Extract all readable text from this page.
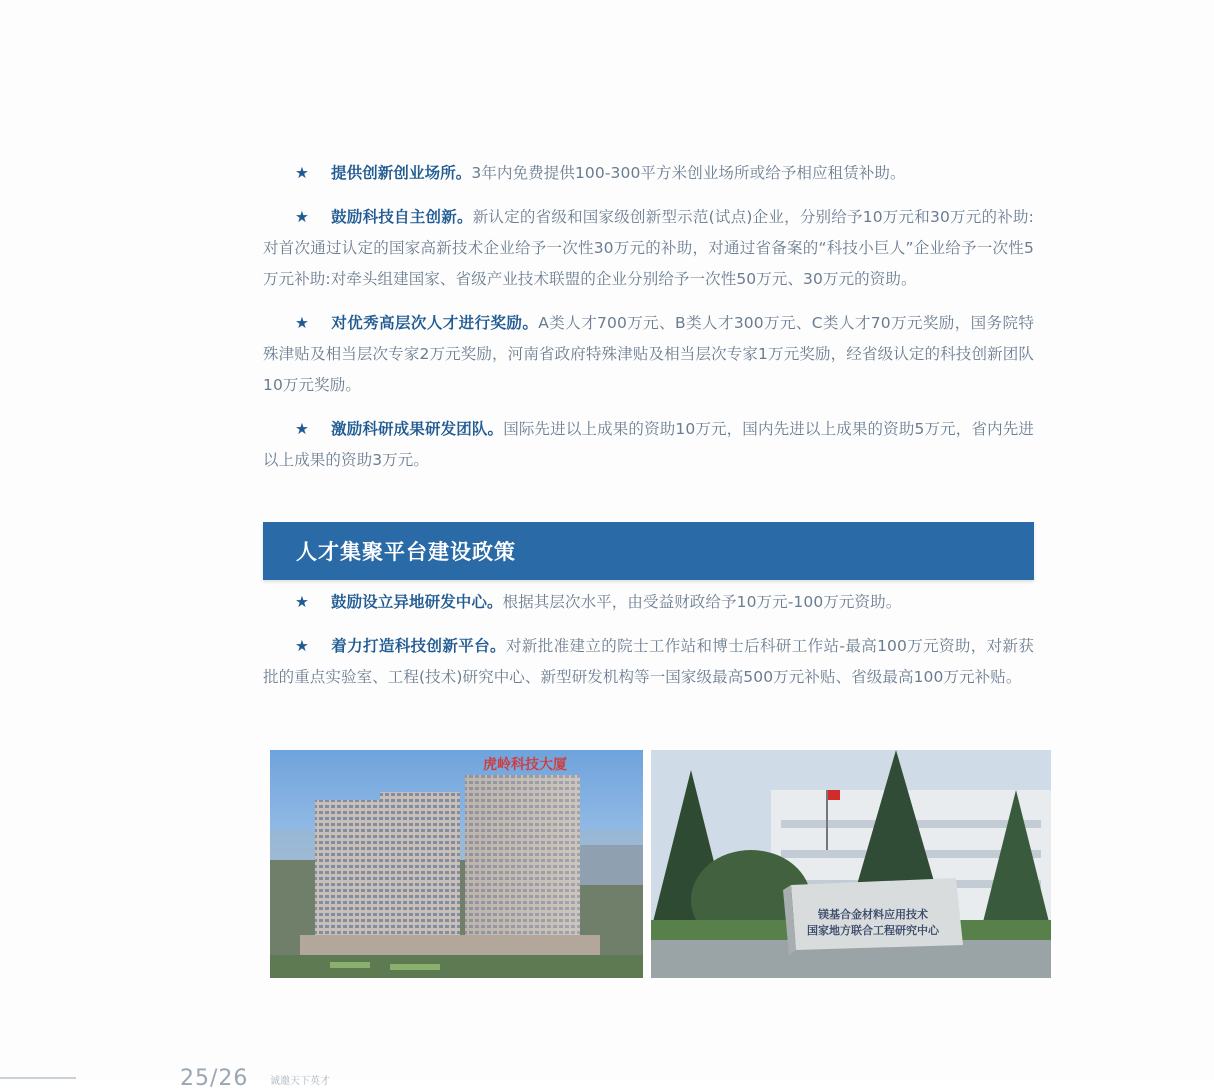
★ 提供创新创业场所。3年内免费提供100-300平方米创业场所或给予相应租赁补助。

★ 鼓励科技自主创新。新认定的省级和国家级创新型示范(试点)企业，分别给予10万元和30万元的补助:对首次通过认定的国家高新技术企业给予一次性30万元的补助，对通过省备案的“科技小巨人”企业给予一次性5万元补助:对牵头组建国家、省级产业技术联盟的企业分别给予一次性50万元、30万元的资助。

★ 对优秀高层次人才进行奖励。A类人才700万元、B类人才300万元、C类人才70万元奖励，国务院特殊津贴及相当层次专家2万元奖励，河南省政府特殊津贴及相当层次专家1万元奖励，经省级认定的科技创新团队10万元奖励。

★ 激励科研成果研发团队。国际先进以上成果的资助10万元，国内先进以上成果的资助5万元，省内先进以上成果的资助3万元。

人才集聚平台建设政策

★ 鼓励设立异地研发中心。根据其层次水平，由受益财政给予10万元-100万元资助。

★ 着力打造科技创新平台。对新批准建立的院士工作站和博士后科研工作站-最高100万元资助，对新获批的重点实验室、工程(技术)研究中心、新型研发机构等一国家级最高500万元补贴、省级最高100万元补贴。

虎岭科技大厦
镁基合金材料应用技术
国家地方联合工程研究中心
25/26 诚邀天下英才
